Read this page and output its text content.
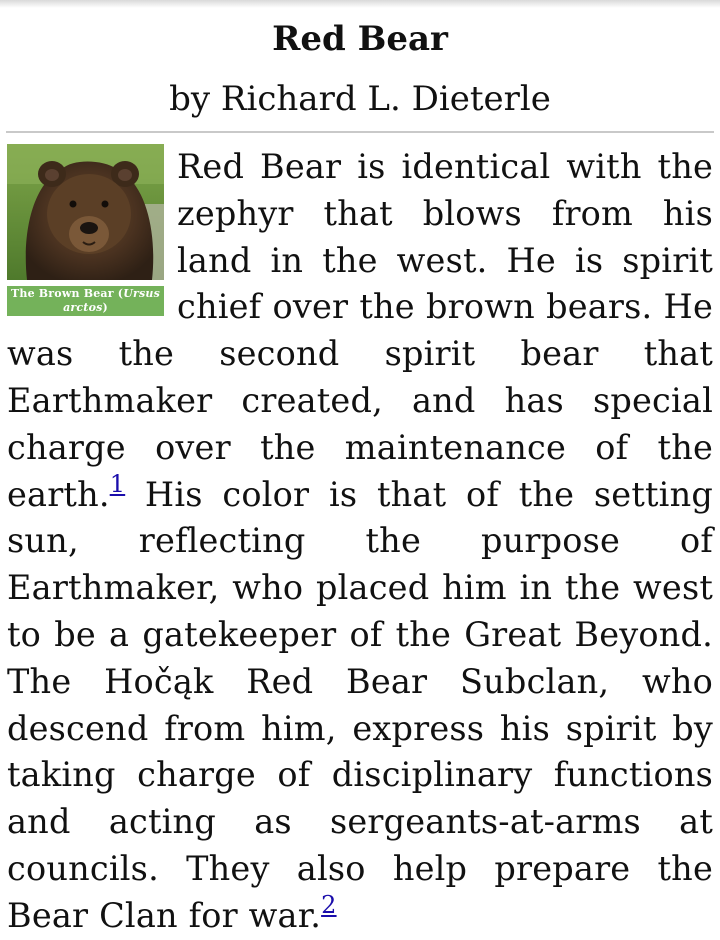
Red Bear
by Richard L. Dieterle
The Brown Bear (Ursus arctos)
Red Bear is identical with the zephyr that blows from his land in the west. He is spirit chief over the brown bears. He was the second spirit bear that Earthmaker created, and has special charge over the maintenance of the earth.$^1$ His color is that of the setting sun, reflecting the purpose of Earthmaker, who placed him in the west to be a gatekeeper of the Great Beyond. The Hočąk Red Bear Subclan, who descend from him, express his spirit by taking charge of disciplinary functions and acting as sergeants-at-arms at councils. They also help prepare the Bear Clan for war.$^2$
